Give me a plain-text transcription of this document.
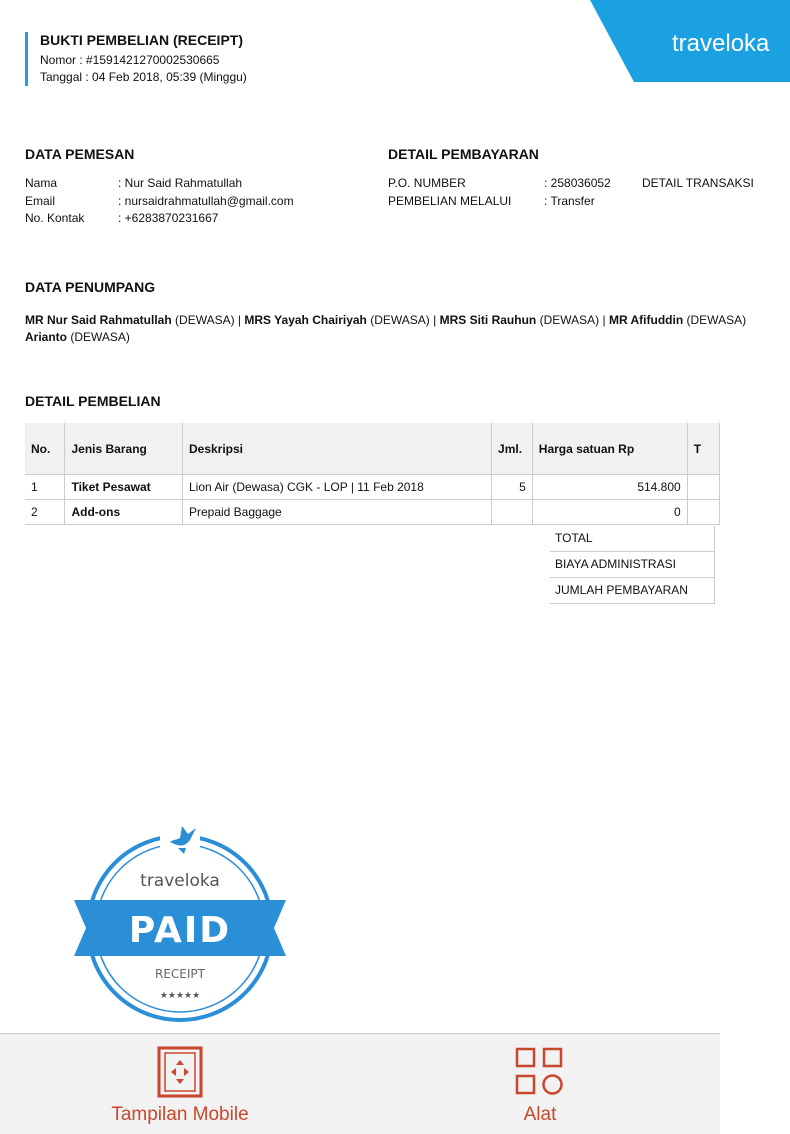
traveloka
BUKTI PEMBELIAN (RECEIPT)
Nomor : #1591421270002530665
Tanggal : 04 Feb 2018, 05:39 (Minggu)
DATA PEMESAN
Nama	: Nur Said Rahmatullah
Email	: nursaidrahmatullah@gmail.com
No. Kontak	: +6283870231667
DETAIL PEMBAYARAN
P.O. NUMBER	: 258036052	DETAIL TRANSAKSI
PEMBELIAN MELALUI	: Transfer
DATA PENUMPANG
MR Nur Said Rahmatullah (DEWASA) | MRS Yayah Chairiyah (DEWASA) | MRS Siti Rauhun (DEWASA) | MR Afifuddin (DEWASA)
Arianto (DEWASA)
DETAIL PEMBELIAN
No.	Jenis Barang	Deskripsi	Jml.	Harga satuan Rp	T
1	Tiket Pesawat	Lion Air (Dewasa) CGK - LOP | 11 Feb 2018	5	514.800	
2	Add-ons	Prepaid Baggage		0	
TOTAL
BIAYA ADMINISTRASI
JUMLAH PEMBAYARAN
traveloka
PAID
RECEIPT
★★★★★
Tampilan Mobile	Alat
